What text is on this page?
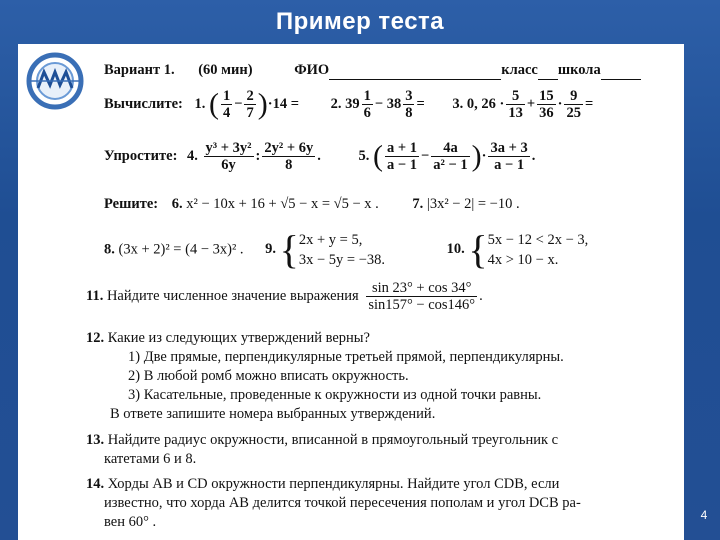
Пример теста
Вариант 1. (60 мин)	ФИО	класс школа
Вычислите: 1. ( $\frac{1}{4} - \frac{2}{7} )\cdot 14 = 2$. $39 \frac{1}{6} - 38 \frac{3}{8} = 3$. 0, $26 \cdot \frac{5}{13} + \frac{15}{36} \cdot \frac{9}{25}$ =
Упростите: 4. $\frac{\text{y³ + 3y²}}{6y}$ : $\frac{\text{2y² + 6y}}{8}$ .	5. ( $\frac{a + 1}{a - 1} - \frac{4a}{\text{a² − 1}}$ )· $\frac{3a + 3}{a - 1}$ .
Решите: 6. x² − 10x + 16 + √5 − x = √5 − x . 7. |3x² − 2| = −10 .
8. (3x + 2)² = (4 − 3x)² . 9. { 2x + y = 5,
3x − 5y = −38.
10. { 5x − 12 < 2x − 3,
4x > 10 − x.
11. Найдите численное значение выражения $\frac{\sin 23^\circ + \cos 34^\circ}{\sin 157^\circ - \cos 146^\circ}$ .
12. Какие из следующих утверждений верны?
1) Две прямые, перпендикулярные третьей прямой, перпендикулярны.
2) В любой ромб можно вписать окружность.
3) Касательные, проведенные к окружности из одной точки равны.
В ответе запишите номера выбранных утверждений.
13. Найдите радиус окружности, вписанной в прямоугольный треугольник с
катетами 6 и 8.
14. Хорды AB и CD окружности перпендикулярны. Найдите угол CDB, если
известно, что хорда AB делится точкой пересечения пополам и угол DCB ра-
вен 60° .	4
